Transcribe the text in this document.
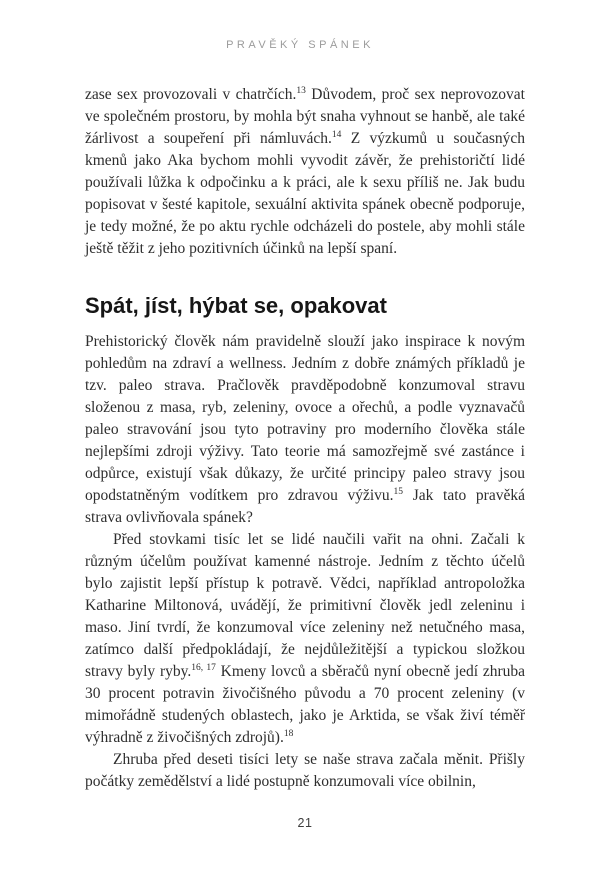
PRAVĚKÝ SPÁNEK

zase sex provozovali v chatrčích.$^{13}$ Důvodem, proč sex neprovozovat ve společném prostoru, by mohla být snaha vyhnout se hanbě, ale také žárlivost a soupeření při námluvách.$^{14}$ Z výzkumů u současných kmenů jako Aka bychom mohli vyvodit závěr, že prehistoričtí lidé používali lůžka k odpočinku a k práci, ale k sexu příliš ne. Jak budu popisovat v šesté kapitole, sexuální aktivita spánek obecně podporuje, je tedy možné, že po aktu rychle odcházeli do postele, aby mohli stále ještě těžit z jeho pozitivních účinků na lepší spaní.

Spát, jíst, hýbat se, opakovat

Prehistorický člověk nám pravidelně slouží jako inspirace k novým pohledům na zdraví a wellness. Jedním z dobře známých příkladů je tzv. paleo strava. Pračlověk pravděpodobně konzumoval stravu složenou z masa, ryb, zeleniny, ovoce a ořechů, a podle vyznavačů paleo stravování jsou tyto potraviny pro moderního člověka stále nejlepšími zdroji výživy. Tato teorie má samozřejmě své zastánce i odpůrce, existují však důkazy, že určité principy paleo stravy jsou opodstatněným vodítkem pro zdravou výživu.$^{15}$ Jak tato pravěká strava ovlivňovala spánek?

Před stovkami tisíc let se lidé naučili vařit na ohni. Začali k různým účelům používat kamenné nástroje. Jedním z těchto účelů bylo zajistit lepší přístup k potravě. Vědci, například antropoložka Katharine Miltonová, uvádějí, že primitivní člověk jedl zeleninu i maso. Jiní tvrdí, že konzumoval více zeleniny než netučného masa, zatímco další předpokládají, že nejdůležitější a typickou složkou stravy byly ryby.$^{16, 17}$ Kmeny lovců a sběračů nyní obecně jedí zhruba 30 procent potravin živočišného původu a 70 procent zeleniny (v mimořádně studených oblastech, jako je Arktida, se však živí téměř výhradně z živočišných zdrojů).$^{18}$

Zhruba před deseti tisíci lety se naše strava začala měnit. Přišly počátky zemědělství a lidé postupně konzumovali více obilnin,

21
